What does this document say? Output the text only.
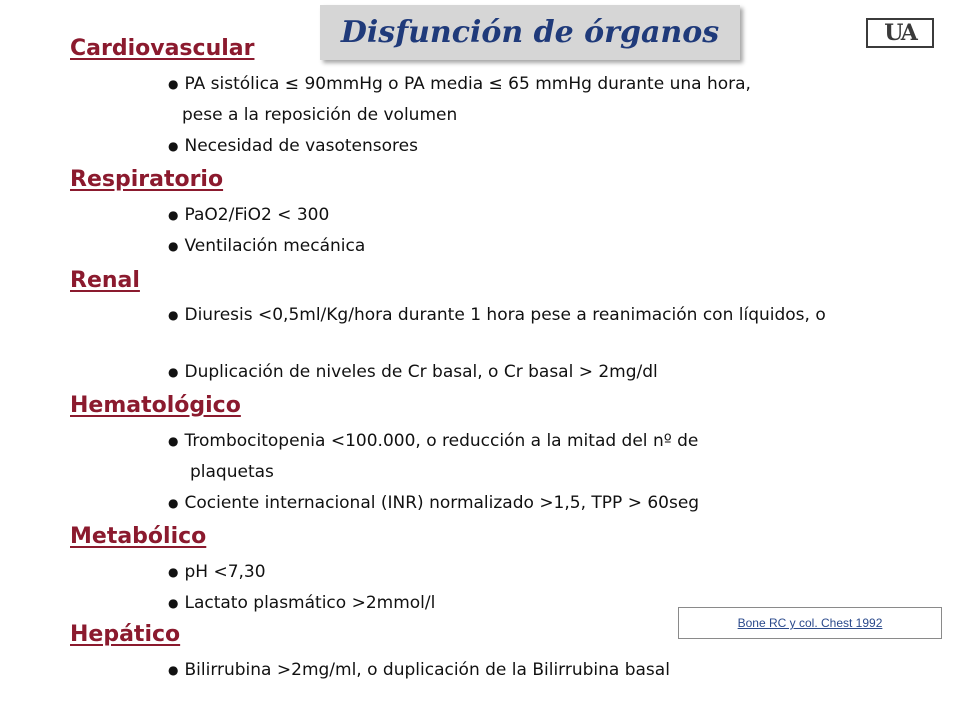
Disfunción de órganos	UA
Cardiovascular
● PA sistólica ≤ 90mmHg o PA media ≤ 65 mmHg durante una hora,
pese a la reposición de volumen
● Necesidad de vasotensores
Respiratorio
● PaO2/FiO2 < 300
● Ventilación mecánica
Renal
● Diuresis <0,5ml/Kg/hora durante 1 hora pese a reanimación con líquidos, o
● Duplicación de niveles de Cr basal, o Cr basal > 2mg/dl
Hematológico
● Trombocitopenia <100.000, o reducción a la mitad del nº de
plaquetas
● Cociente internacional (INR) normalizado >1,5, TPP > 60seg
Metabólico
● pH <7,30
● Lactato plasmático >2mmol/l
Hepático
● Bilirrubina >2mg/ml, o duplicación de la Bilirrubina basal
Bone RC y col. Chest 1992
